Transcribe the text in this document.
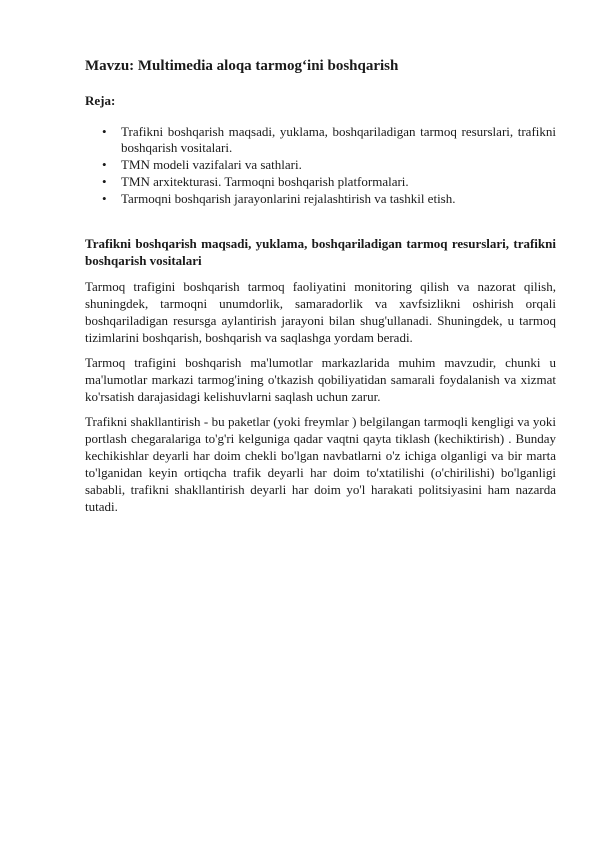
Mavzu: Multimedia aloqa tarmog‘ini boshqarish
Reja:
• Trafikni boshqarish maqsadi, yuklama, boshqariladigan tarmoq resurslari, trafikni boshqarish vositalari.
• TMN modeli vazifalari va sathlari.
• TMN arxitekturasi. Tarmoqni boshqarish platformalari.
• Tarmoqni boshqarish jarayonlarini rejalashtirish va tashkil etish.
Trafikni boshqarish maqsadi, yuklama, boshqariladigan tarmoq resurslari, trafikni boshqarish vositalari

Tarmoq trafigini boshqarish tarmoq faoliyatini monitoring qilish va nazorat qilish, shuningdek, tarmoqni unumdorlik, samaradorlik va xavfsizlikni oshirish orqali boshqariladigan resursga aylantirish jarayoni bilan shug'ullanadi. Shuningdek, u tarmoq tizimlarini boshqarish, boshqarish va saqlashga yordam beradi.

Tarmoq trafigini boshqarish ma'lumotlar markazlarida muhim mavzudir, chunki u ma'lumotlar markazi tarmog'ining o'tkazish qobiliyatidan samarali foydalanish va xizmat ko'rsatish darajasidagi kelishuvlarni saqlash uchun zarur.

Trafikni shakllantirish - bu paketlar (yoki freymlar ) belgilangan tarmoqli kengligi va yoki portlash chegaralariga to'g'ri kelguniga qadar vaqtni qayta tiklash (kechiktirish) . Bunday kechikishlar deyarli har doim chekli bo'lgan navbatlarni o'z ichiga olganligi va bir marta to'lganidan keyin ortiqcha trafik deyarli har doim to'xtatilishi (o'chirilishi) bo'lganligi sababli, trafikni shakllantirish deyarli har doim yo'l harakati politsiyasini ham nazarda tutadi.
